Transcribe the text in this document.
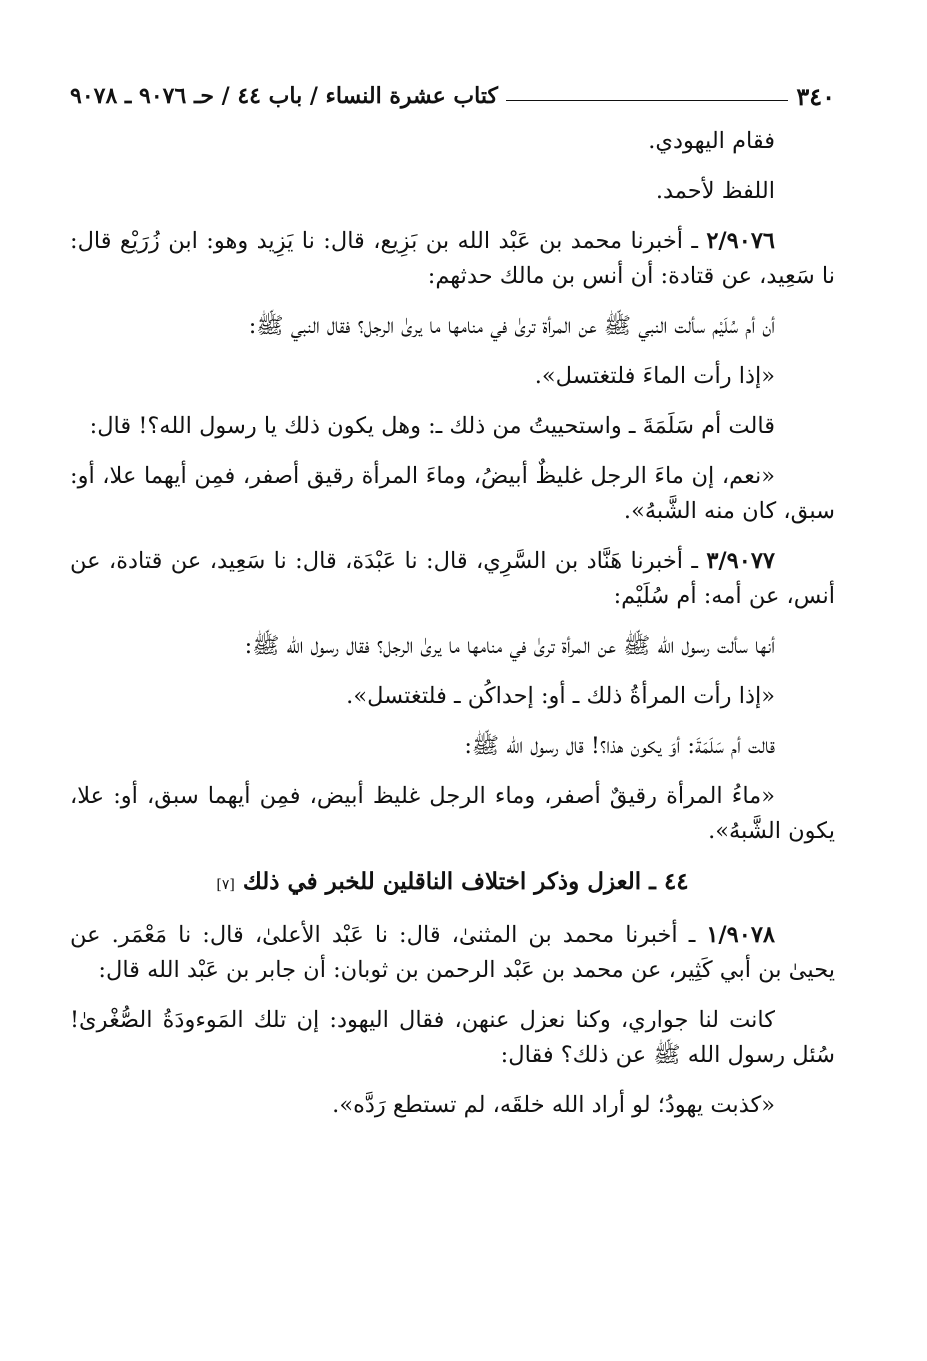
٣٤٠
كتاب عشرة النساء / باب ٤٤ / حـ ٩٠٧٦ ـ ٩٠٧٨

فقام اليهودي.

اللفظ لأحمد.

٢/٩٠٧٦ ـ أخبرنا محمد بن عَبْد الله بن بَزِيع، قال: نا يَزِيد وهو: ابن زُرَيْع قال: نا سَعِيد، عن قتادة: أن أنس بن مالك حدثهم:

أن أم سُلَيْم سألت النبي ﷺ عن المرأة ترىٰ في منامها ما يرىٰ الرجل؟ فقال النبي ﷺ:

«إذا رأت الماءَ فلتغتسل».

قالت أم سَلَمَةَ ـ واستحييتُ من ذلك ـ: وهل يكون ذلك يا رسول الله؟! قال:

«نعم، إن ماءَ الرجل غليظٌ أبيضُ، وماءَ المرأة رقيق أصفر، فمِن أيهما علا، أو: سبق، كان منه الشَّبهُ».

٣/٩٠٧٧ ـ أخبرنا هَنَّاد بن السَّرِي، قال: نا عَبْدَة، قال: نا سَعِيد، عن قتادة، عن أنس، عن أمه: أم سُلَيْم:

أنها سألت رسول الله ﷺ عن المرأة ترىٰ في منامها ما يرىٰ الرجل؟ فقال رسول الله ﷺ:

«إذا رأت المرأةُ ذلك ـ أو: إحداكُن ـ فلتغتسل».

قالت أم سَلَمَةَ: أوَ يكون هذا؟! قال رسول الله ﷺ:

«ماءُ المرأة رقيقٌ أصفر، وماء الرجل غليظ أبيض، فمِن أيهما سبق، أو: علا، يكون الشَّبهُ».

٤٤ ـ العزل وذكر اختلاف الناقلين للخبر في ذلك [٧]

١/٩٠٧٨ ـ أخبرنا محمد بن المثنىٰ، قال: نا عَبْد الأعلىٰ، قال: نا مَعْمَر. عن يحيىٰ بن أبي كَثِير، عن محمد بن عَبْد الرحمن بن ثوبان: أن جابر بن عَبْد الله قال:

كانت لنا جواري، وكنا نعزل عنهن، فقال اليهود: إن تلك المَوءودَةُ الصُّغْرىٰ! سُئل رسول الله ﷺ عن ذلك؟ فقال:

«كذبت يهودُ؛ لو أراد الله خلقَه، لم تستطع رَدَّه».
